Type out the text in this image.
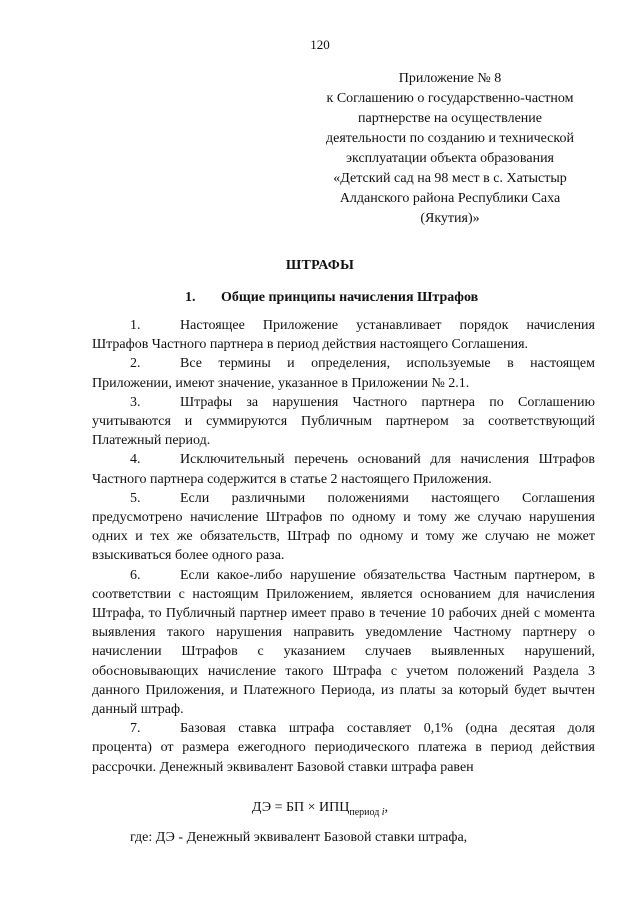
120
Приложение № 8
к Соглашению о государственно-частном
партнерстве на осуществление
деятельности по созданию и технической
эксплуатации объекта образования
«Детский сад на 98 мест в с. Хатыстыр
Алданского района Республики Саха
(Якутия)»
ШТРАФЫ
1. Общие принципы начисления Штрафов

1.	Настоящее Приложение устанавливает порядок начисления Штрафов Частного партнера в период действия настоящего Соглашения.

2.	Все термины и определения, используемые в настоящем Приложении, имеют значение, указанное в Приложении № 2.1.

3.	Штрафы за нарушения Частного партнера по Соглашению учитываются и суммируются Публичным партнером за соответствующий Платежный период.

4.	Исключительный перечень оснований для начисления Штрафов Частного партнера содержится в статье 2 настоящего Приложения.

5.	Если различными положениями настоящего Соглашения предусмотрено начисление Штрафов по одному и тому же случаю нарушения одних и тех же обязательств, Штраф по одному и тому же случаю не может взыскиваться более одного раза.

6.	Если какое-либо нарушение обязательства Частным партнером, в соответствии с настоящим Приложением, является основанием для начисления Штрафа, то Публичный партнер имеет право в течение 10 рабочих дней с момента выявления такого нарушения направить уведомление Частному партнеру о начислении Штрафов с указанием случаев выявленных нарушений, обосновывающих начисление такого Штрафа с учетом положений Раздела 3 данного Приложения, и Платежного Периода, из платы за который будет вычтен данный штраф.

7.	Базовая ставка штрафа составляет 0,1% (одна десятая доля процента) от размера ежегодного периодического платежа в период действия рассрочки. Денежный эквивалент Базовой ставки штрафа равен

ДЭ = БП × $ИПЦ_{период}$ $_i$,
где: ДЭ - Денежный эквивалент Базовой ставки штрафа,
